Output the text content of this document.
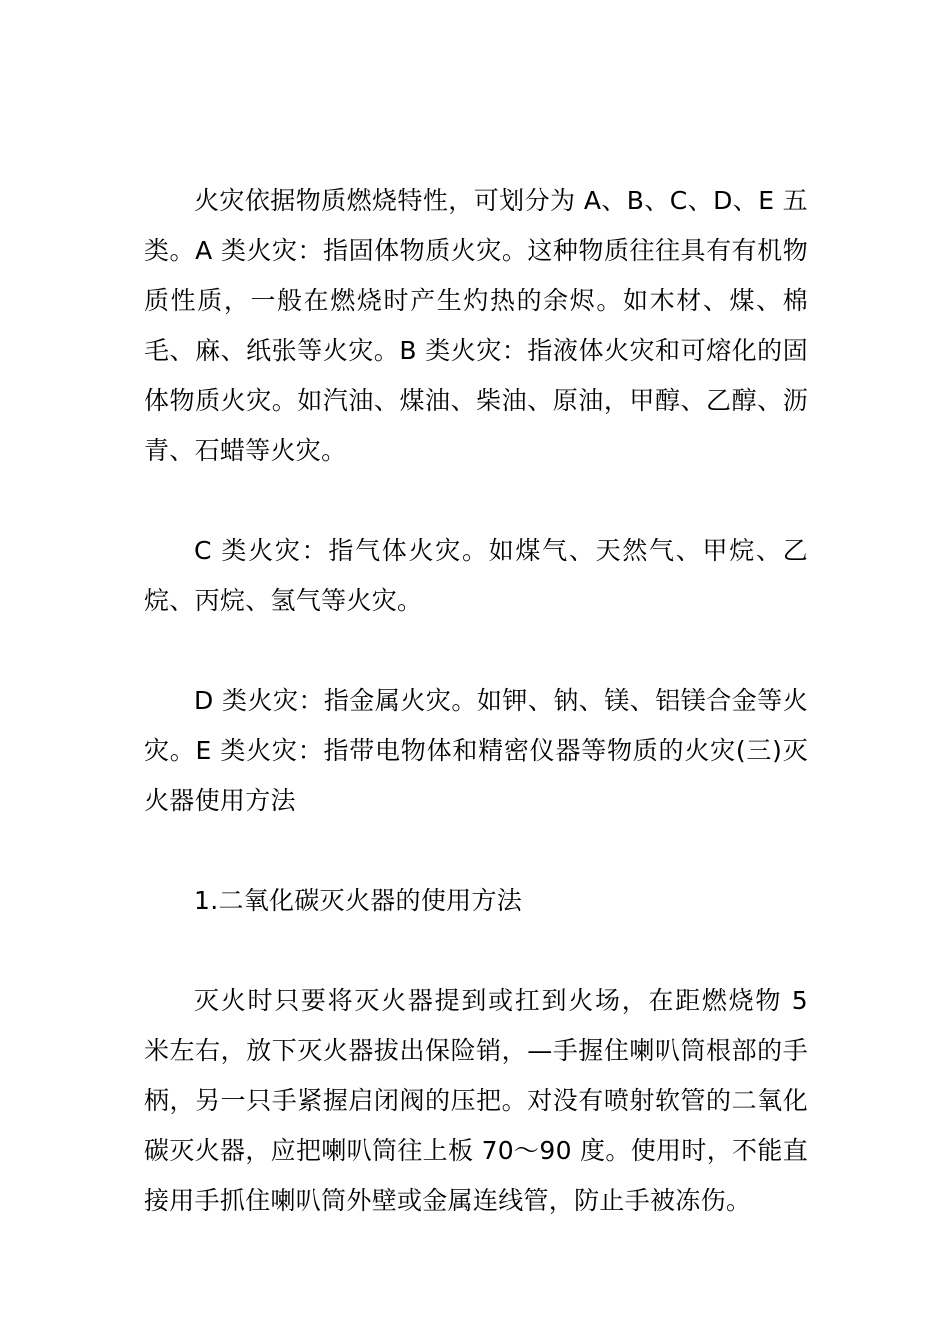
火灾依据物质燃烧特性，可划分为 A、B、C、D、E 五类。A 类火灾：指固体物质火灾。这种物质往往具有有机物质性质，一般在燃烧时产生灼热的余烬。如木材、煤、棉毛、麻、纸张等火灾。B 类火灾：指液体火灾和可熔化的固体物质火灾。如汽油、煤油、柴油、原油，甲醇、乙醇、沥青、石蜡等火灾。

C 类火灾：指气体火灾。如煤气、天然气、甲烷、乙烷、丙烷、氢气等火灾。

D 类火灾：指金属火灾。如钾、钠、镁、铝镁合金等火灾。E 类火灾：指带电物体和精密仪器等物质的火灾(三)灭火器使用方法

1.二氧化碳灭火器的使用方法

灭火时只要将灭火器提到或扛到火场，在距燃烧物 5 米左右，放下灭火器拔出保险销，—手握住喇叭筒根部的手柄，另一只手紧握启闭阀的压把。对没有喷射软管的二氧化碳灭火器，应把喇叭筒往上板 70～90 度。使用时，不能直接用手抓住喇叭筒外壁或金属连线管，防止手被冻伤。
